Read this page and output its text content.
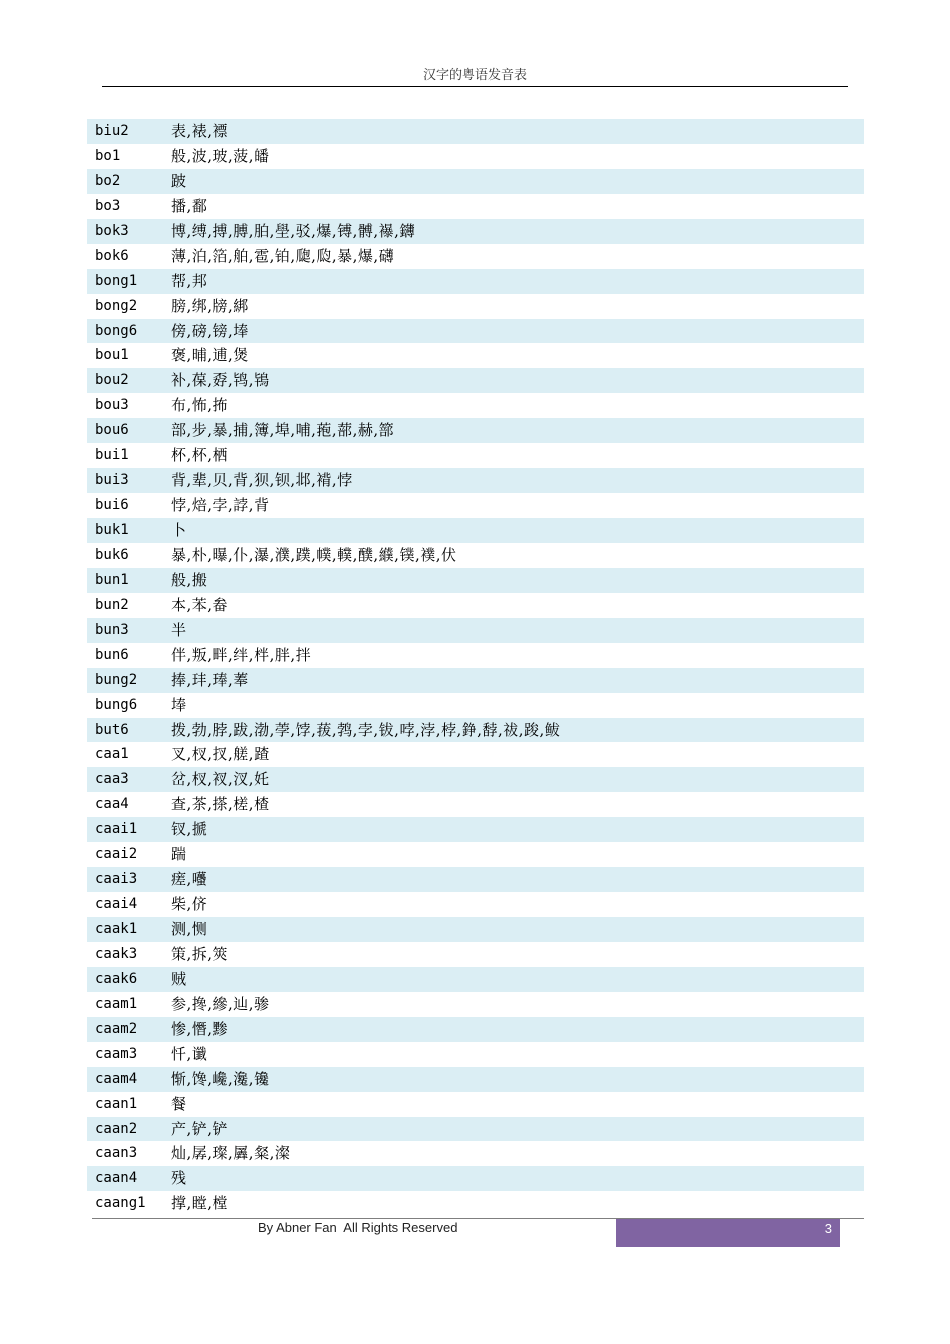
汉字的粤语发音表
biu2	表,裱,褾
bo1	般,波,玻,菠,皤
bo2	跛
bo3	播,鄱
bok3	博,缚,搏,膊,胉,壆,驳,爆,镈,髆,襮,鑮
bok6	薄,泊,箔,舶,雹,铂,瓟,瓝,暴,爆,礴
bong1	帮,邦
bong2	膀,绑,牓,綁
bong6	傍,磅,镑,埲
bou1	褒,晡,逋,煲
bou2	补,葆,孬,鸨,鴇
bou3	布,怖,抪
bou6	部,步,暴,捕,簿,埠,哺,菢,蔀,赫,篰
bui1	杯,杯,栖
bui3	背,辈,贝,背,狈,钡,邶,褙,悖
bui6	悖,焙,孛,誖,背
buk1	卜
buk6	暴,朴,曝,仆,瀑,濮,蹼,幞,轐,醭,纀,镤,襆,伏
bun1	般,搬
bun2	本,苯,畚
bun3	半
bun6	伴,叛,畔,绊,柈,胖,拌
bung2	捧,玤,琫,菶
bung6	埲
but6	拨,勃,脖,跋,渤,荸,饽,菝,鹁,孛,钹,哱,浡,桲,錚,馞,祓,踆,鲅
caa1	叉,杈,扠,艖,蹅
caa3	岔,杈,衩,汊,奼
caa4	查,茶,搽,槎,楂
caai1	钗,搋
caai2	踹
caai3	瘥,囆
caai4	柴,侪
caak1	测,恻
caak3	策,拆,筴
caak6	贼
caam1	参,搀,縿,辿,骖
caam2	惨,憯,黪
caam3	忏,谶
caam4	惭,馋,巉,瀺,镵
caan1	餐
caan2	产,铲,铲
caan3	灿,孱,璨,羼,粲,澯
caan4	残
caang1	撑,瞠,樘
By Abner Fan  All Rights Reserved	3
